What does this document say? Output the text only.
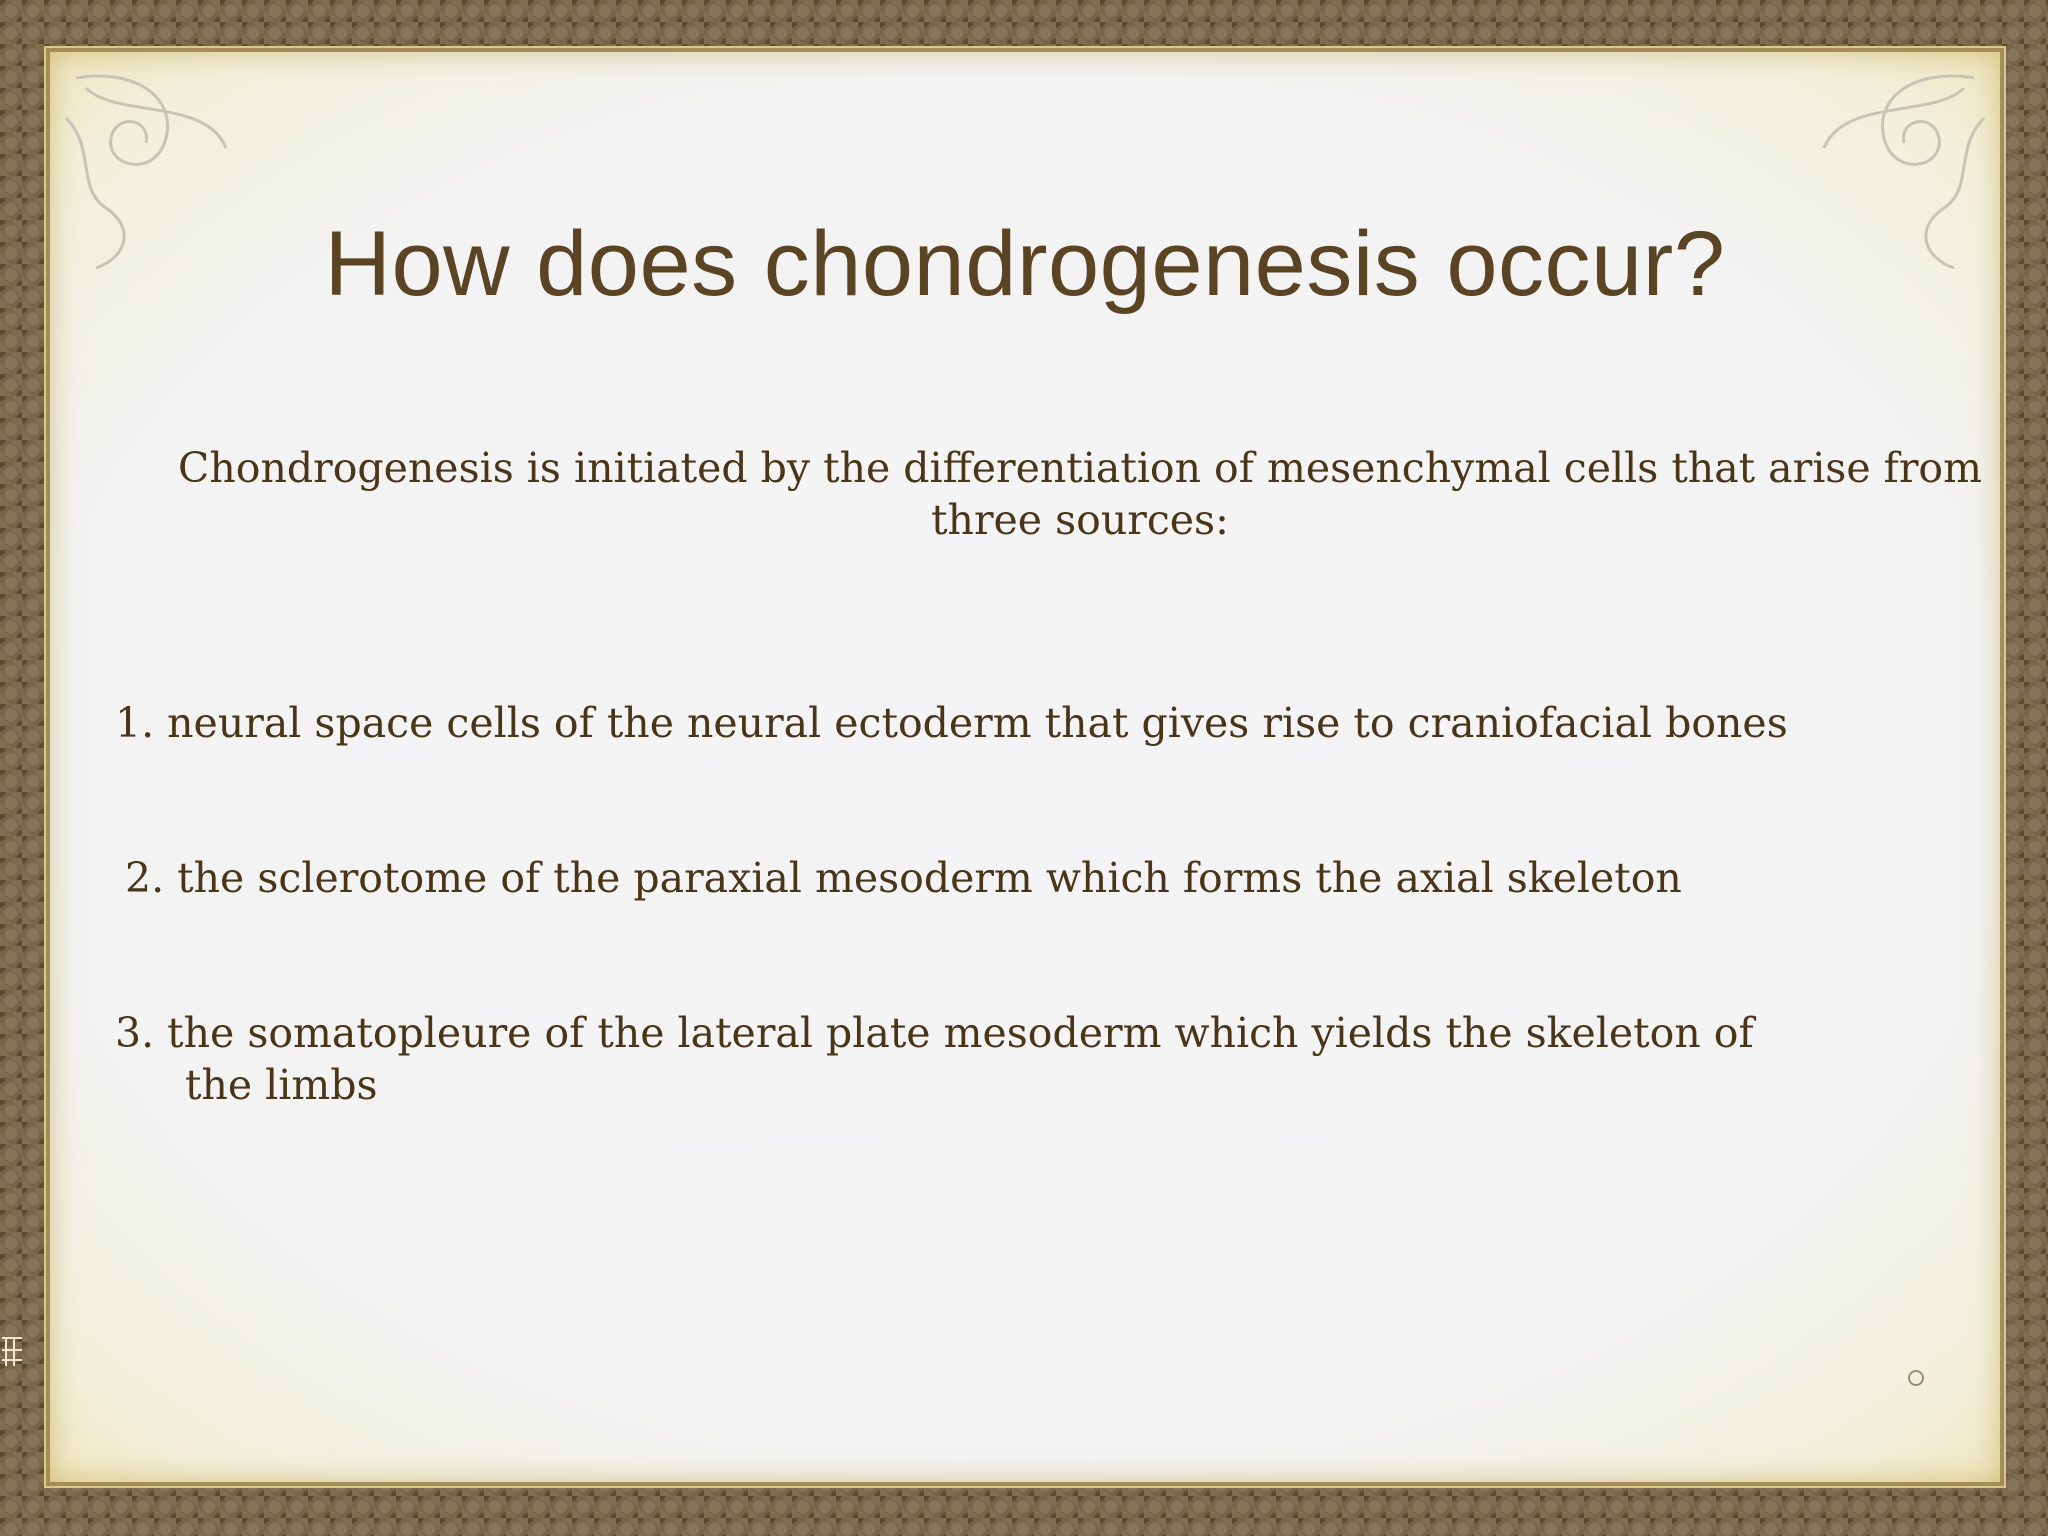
How does chondrogenesis occur?
Chondrogenesis is initiated by the differentiation of mesenchymal cells that arise from three sources:
1. neural space cells of the neural ectoderm that gives rise to craniofacial bones
2. the sclerotome of the paraxial mesoderm which forms the axial skeleton
3. the somatopleure of the lateral plate mesoderm which yields the skeleton of
the limbs
